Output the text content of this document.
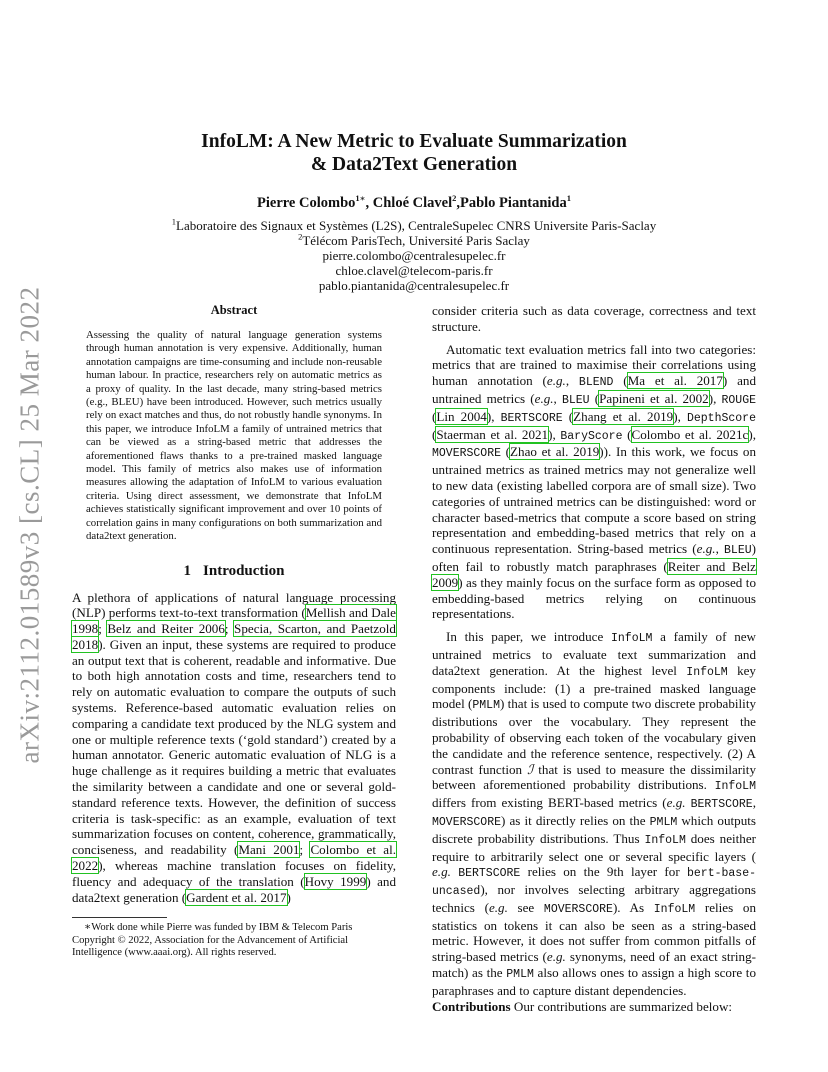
arXiv:2112.01589v3 [cs.CL] 25 Mar 2022
InfoLM: A New Metric to Evaluate Summarization
& Data2Text Generation
Pierre Colombo$^{1∗}$, Chloé Clavel$^2$,Pablo Piantanida$^1$
$^1$Laboratoire des Signaux et Systèmes (L2S), CentraleSupelec CNRS Universite Paris-Saclay
$^2$Télécom ParisTech, Université Paris Saclay
pierre.colombo@centralesupelec.fr
chloe.clavel@telecom-paris.fr
pablo.piantanida@centralesupelec.fr
Abstract
Assessing the quality of natural language generation systems through human annotation is very expensive. Additionally, human annotation campaigns are time-consuming and include non-reusable human labour. In practice, researchers rely on automatic metrics as a proxy of quality. In the last decade, many string-based metrics (e.g., BLEU) have been introduced. However, such metrics usually rely on exact matches and thus, do not robustly handle synonyms. In this paper, we introduce InfoLM a family of untrained metrics that can be viewed as a string-based metric that addresses the aforementioned flaws thanks to a pre-trained masked language model. This family of metrics also makes use of information measures allowing the adaptation of InfoLM to various evaluation criteria. Using direct assessment, we demonstrate that InfoLM achieves statistically significant improvement and over 10 points of correlation gains in many configurations on both summarization and data2text generation.
1 Introduction

A plethora of applications of natural language processing (NLP) performs text-to-text transformation (Mellish and Dale 1998; Belz and Reiter 2006; Specia, Scarton, and Paetzold 2018). Given an input, these systems are required to produce an output text that is coherent, readable and informative. Due to both high annotation costs and time, researchers tend to rely on automatic evaluation to compare the outputs of such systems. Reference-based automatic evaluation relies on comparing a candidate text produced by the NLG system and one or multiple reference texts (‘gold standard’) created by a human annotator. Generic automatic evaluation of NLG is a huge challenge as it requires building a metric that evaluates the similarity between a candidate and one or several gold-standard reference texts. However, the definition of success criteria is task-specific: as an example, evaluation of text summarization focuses on content, coherence, grammatically, conciseness, and readability (Mani 2001; Colombo et al. 2022), whereas machine translation focuses on fidelity, fluency and adequacy of the translation (Hovy 1999) and data2text generation (Gardent et al. 2017)

∗Work done while Pierre was funded by IBM & Telecom Paris
Copyright © 2022, Association for the Advancement of Artificial Intelligence (www.aaai.org). All rights reserved.

consider criteria such as data coverage, correctness and text structure.

Automatic text evaluation metrics fall into two categories: metrics that are trained to maximise their correlations using human annotation (e.g., BLEND (Ma et al. 2017) and untrained metrics (e.g., BLEU (Papineni et al. 2002), ROUGE (Lin 2004), BERTSCORE (Zhang et al. 2019), DepthScore (Staerman et al. 2021), BaryScore (Colombo et al. 2021c), MOVERSCORE (Zhao et al. 2019)). In this work, we focus on untrained metrics as trained metrics may not generalize well to new data (existing labelled corpora are of small size). Two categories of untrained metrics can be distinguished: word or character based-metrics that compute a score based on string representation and embedding-based metrics that rely on a continuous representation. String-based metrics (e.g., BLEU) often fail to robustly match paraphrases (Reiter and Belz 2009) as they mainly focus on the surface form as opposed to embedding-based metrics relying on continuous representations.

In this paper, we introduce InfoLM a family of new untrained metrics to evaluate text summarization and data2text generation. At the highest level InfoLM key components include: (1) a pre-trained masked language model (PMLM) that is used to compute two discrete probability distributions over the vocabulary. They represent the probability of observing each token of the vocabulary given the candidate and the reference sentence, respectively. (2) A contrast function ℐ that is used to measure the dissimilarity between aforementioned probability distributions. InfoLM differs from existing BERT-based metrics (e.g. BERTSCORE, MOVERSCORE) as it directly relies on the PMLM which outputs discrete probability distributions. Thus InfoLM does neither require to arbitrarily select one or several specific layers ( e.g. BERTSCORE relies on the 9th layer for bert-base-uncased), nor involves selecting arbitrary aggregations technics (e.g. see MOVERSCORE). As InfoLM relies on statistics on tokens it can also be seen as a string-based metric. However, it does not suffer from common pitfalls of string-based metrics (e.g. synonyms, need of an exact string-match) as the PMLM also allows ones to assign a high score to paraphrases and to capture distant dependencies.

Contributions Our contributions are summarized below:
